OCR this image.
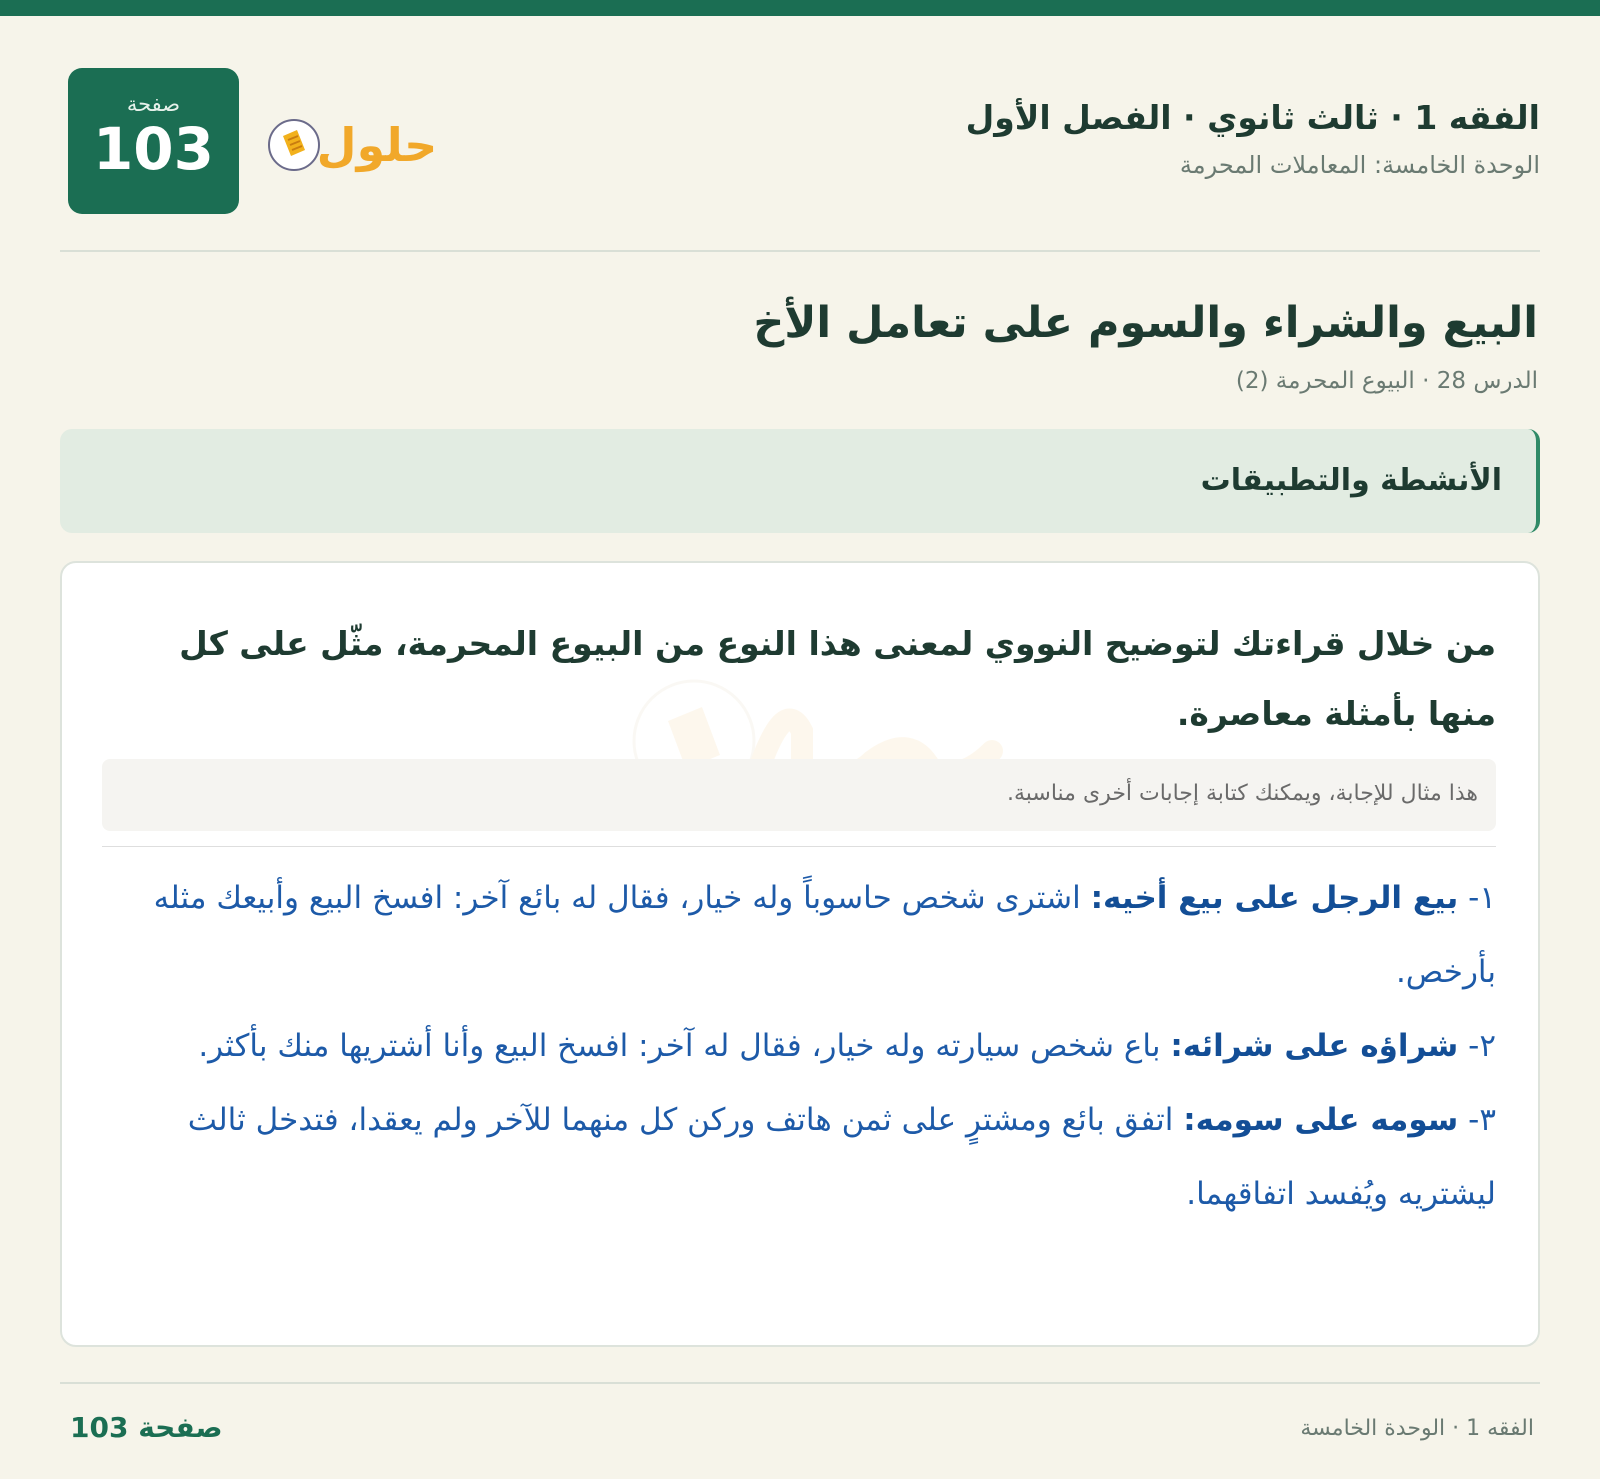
الفقه 1 · ثالث ثانوي · الفصل الأول
الوحدة الخامسة: المعاملات المحرمة
حلول
صفحة
103
البيع والشراء والسوم على تعامل الأخ
الدرس 28 · البيوع المحرمة (2)
الأنشطة والتطبيقات
من خلال قراءتك لتوضيح النووي لمعنى هذا النوع من البيوع المحرمة، مثّل على كل منها بأمثلة معاصرة.
هذا مثال للإجابة، ويمكنك كتابة إجابات أخرى مناسبة.

١- بيع الرجل على بيع أخيه: اشترى شخص حاسوباً وله خيار، فقال له بائع آخر: افسخ البيع وأبيعك مثله بأرخص.

٢- شراؤه على شرائه: باع شخص سيارته وله خيار، فقال له آخر: افسخ البيع وأنا أشتريها منك بأكثر.

٣- سومه على سومه: اتفق بائع ومشترٍ على ثمن هاتف وركن كل منهما للآخر ولم يعقدا، فتدخل ثالث ليشتريه ويُفسد اتفاقهما.

صفحة 103	الفقه 1 · الوحدة الخامسة
